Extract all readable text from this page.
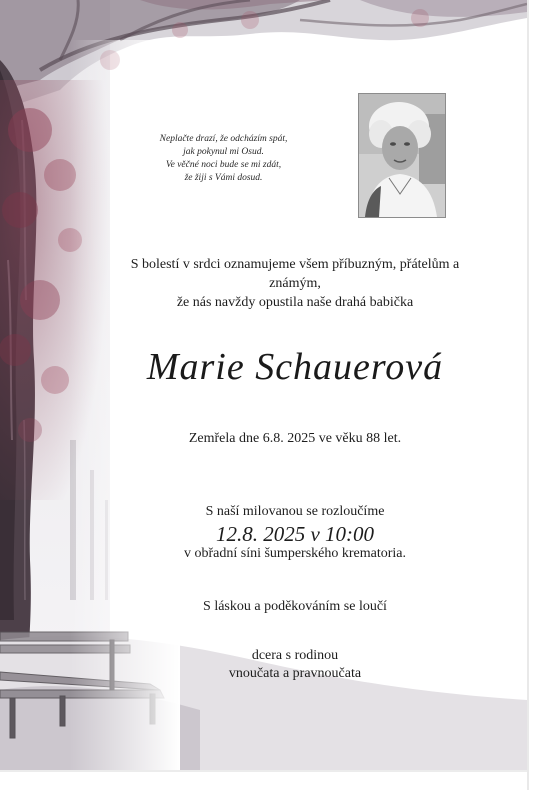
Neplačte drazí, že odcházím spát,
jak pokynul mi Osud.
Ve věčné noci bude se mi zdát,
že žiji s Vámi dosud.
S bolestí v srdci oznamujeme všem příbuzným, přátelům a
známým,
že nás navždy opustila naše drahá babička
Marie Schauerová
Zemřela dne 6.8. 2025 ve věku 88 let.
S naší milovanou se rozloučíme
12.8. 2025 v 10:00
v obřadní síni šumperského krematoria.
S láskou a poděkováním se loučí
dcera s rodinou
vnoučata a pravnoučata
